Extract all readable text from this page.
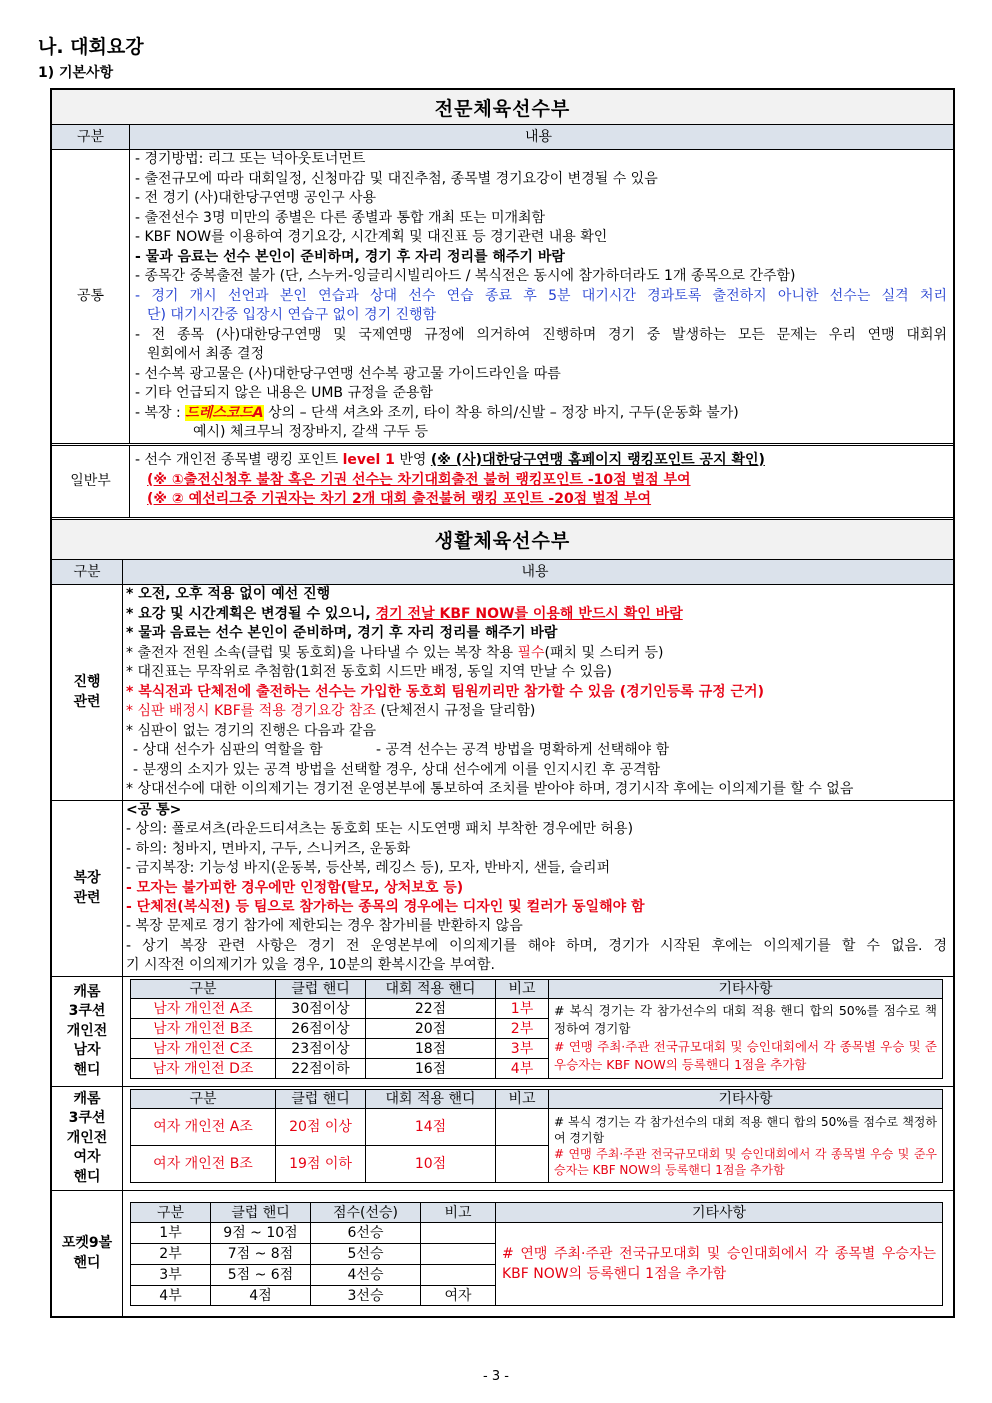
나. 대회요강
1) 기본사항
전문체육선수부
구분	내용
공통
- 경기방법: 리그 또는 넉아웃토너먼트
- 출전규모에 따라 대회일정, 신청마감 및 대진추첨, 종목별 경기요강이 변경될 수 있음
- 전 경기 (사)대한당구연맹 공인구 사용
- 출전선수 3명 미만의 종별은 다른 종별과 통합 개최 또는 미개최함
- KBF NOW를 이용하여 경기요강, 시간계획 및 대진표 등 경기관련 내용 확인
- 물과 음료는 선수 본인이 준비하며, 경기 후 자리 정리를 해주기 바람
- 종목간 중복출전 불가 (단, 스누커-잉글리시빌리아드 / 복식전은 동시에 참가하더라도 1개 종목으로 간주함)
- 경기 개시 선언과 본인 연습과 상대 선수 연습 종료 후 5분 대기시간 경과토록 출전하지 아니한 선수는 실격 처리
단) 대기시간중 입장시 연습구 없이 경기 진행함
- 전 종목 (사)대한당구연맹 및 국제연맹 규정에 의거하여 진행하며 경기 중 발생하는 모든 문제는 우리 연맹 대회위
원회에서 최종 결정
- 선수복 광고물은 (사)대한당구연맹 선수복 광고물 가이드라인을 따름
- 기타 언급되지 않은 내용은 UMB 규정을 준용함
- 복장 : 드레스코드A 상의 – 단색 셔츠와 조끼, 타이 착용 하의/신발 – 정장 바지, 구두(운동화 불가)
예시) 체크무늬 정장바지, 갈색 구두 등
일반부
- 선수 개인전 종목별 랭킹 포인트 level 1 반영 (※ (사)대한당구연맹 홈페이지 랭킹포인트 공지 확인)
(※ ①출전신청후 불참 혹은 기권 선수는 차기대회출전 불허 랭킹포인트 -10점 벌점 부여
(※ ② 예선리그중 기권자는 차기 2개 대회 출전불허 랭킹 포인트 -20점 벌점 부여
생활체육선수부
구분	내용
진행
관련
* 오전, 오후 적용 없이 예선 진행
* 요강 및 시간계획은 변경될 수 있으니, 경기 전날 KBF NOW를 이용해 반드시 확인 바람
* 물과 음료는 선수 본인이 준비하며, 경기 후 자리 정리를 해주기 바람
* 출전자 전원 소속(클럽 및 동호회)을 나타낼 수 있는 복장 착용 필수(패치 및 스티커 등)
* 대진표는 무작위로 추첨함(1회전 동호회 시드만 배정, 동일 지역 만날 수 있음)
* 복식전과 단체전에 출전하는 선수는 가입한 동호회 팀원끼리만 참가할 수 있음 (경기인등록 규정 근거)
* 심판 배정시 KBF를 적용 경기요강 참조 (단체전시 규정을 달리함)
* 심판이 없는 경기의 진행은 다음과 같음
- 상대 선수가 심판의 역할을 함	- 공격 선수는 공격 방법을 명확하게 선택해야 함
- 분쟁의 소지가 있는 공격 방법을 선택할 경우, 상대 선수에게 이를 인지시킨 후 공격함
* 상대선수에 대한 이의제기는 경기전 운영본부에 통보하여 조치를 받아야 하며, 경기시작 후에는 이의제기를 할 수 없음
복장
관련
<공 통>
- 상의: 폴로셔츠(라운드티셔츠는 동호회 또는 시도연맹 패치 부착한 경우에만 허용)
- 하의: 청바지, 면바지, 구두, 스니커즈, 운동화
- 금지복장: 기능성 바지(운동복, 등산복, 레깅스 등), 모자, 반바지, 샌들, 슬리퍼
- 모자는 불가피한 경우에만 인정함(탈모, 상처보호 등)
- 단체전(복식전) 등 팀으로 참가하는 종목의 경우에는 디자인 및 컬러가 동일해야 함
- 복장 문제로 경기 참가에 제한되는 경우 참가비를 반환하지 않음
- 상기 복장 관련 사항은 경기 전 운영본부에 이의제기를 해야 하며, 경기가 시작된 후에는 이의제기를 할 수 없음. 경
기 시작전 이의제기가 있을 경우, 10분의 환복시간을 부여함.
캐롬
3쿠션
개인전
남자
핸디
구분	클럽 핸디	대회 적용 핸디	비고	기타사항
남자 개인전 A조	30점이상	22점	1부	# 복식 경기는 각 참가선수의 대회 적용 핸디 합의 50%를 점수로 책정하여 경기함
# 연맹 주최·주관 전국규모대회 및 승인대회에서 각 종목별 우승 및 준우승자는 KBF NOW의 등록핸디 1점을 추가함

남자 개인전 B조	26점이상	20점	2부	
남자 개인전 C조	23점이상	18점	3부	
남자 개인전 D조	22점이하	16점	4부	
캐롬
3쿠션
개인전
여자
핸디
구분	클럽 핸디	대회 적용 핸디	비고	기타사항
여자 개인전 A조	20점 이상	14점		# 복식 경기는 각 참가선수의 대회 적용 핸디 합의 50%를 점수로 책정하여 경기함
# 연맹 주최·주관 전국규모대회 및 승인대회에서 각 종목별 우승 및 준우승자는 KBF NOW의 등록핸디 1점을 추가함

여자 개인전 B조	19점 이하	10점		
포켓9볼
핸디
구분	클럽 핸디	점수(선승)	비고	기타사항
1부	9점 ~ 10점	6선승		# 연맹 주최·주관 전국규모대회 및 승인대회에서 각 종목별 우승자는 KBF NOW의 등록핸디 1점을 추가함

2부	7점 ~ 8점	5선승		
3부	5점 ~ 6점	4선승		
4부	4점	3선승	여자	
- 3 -
